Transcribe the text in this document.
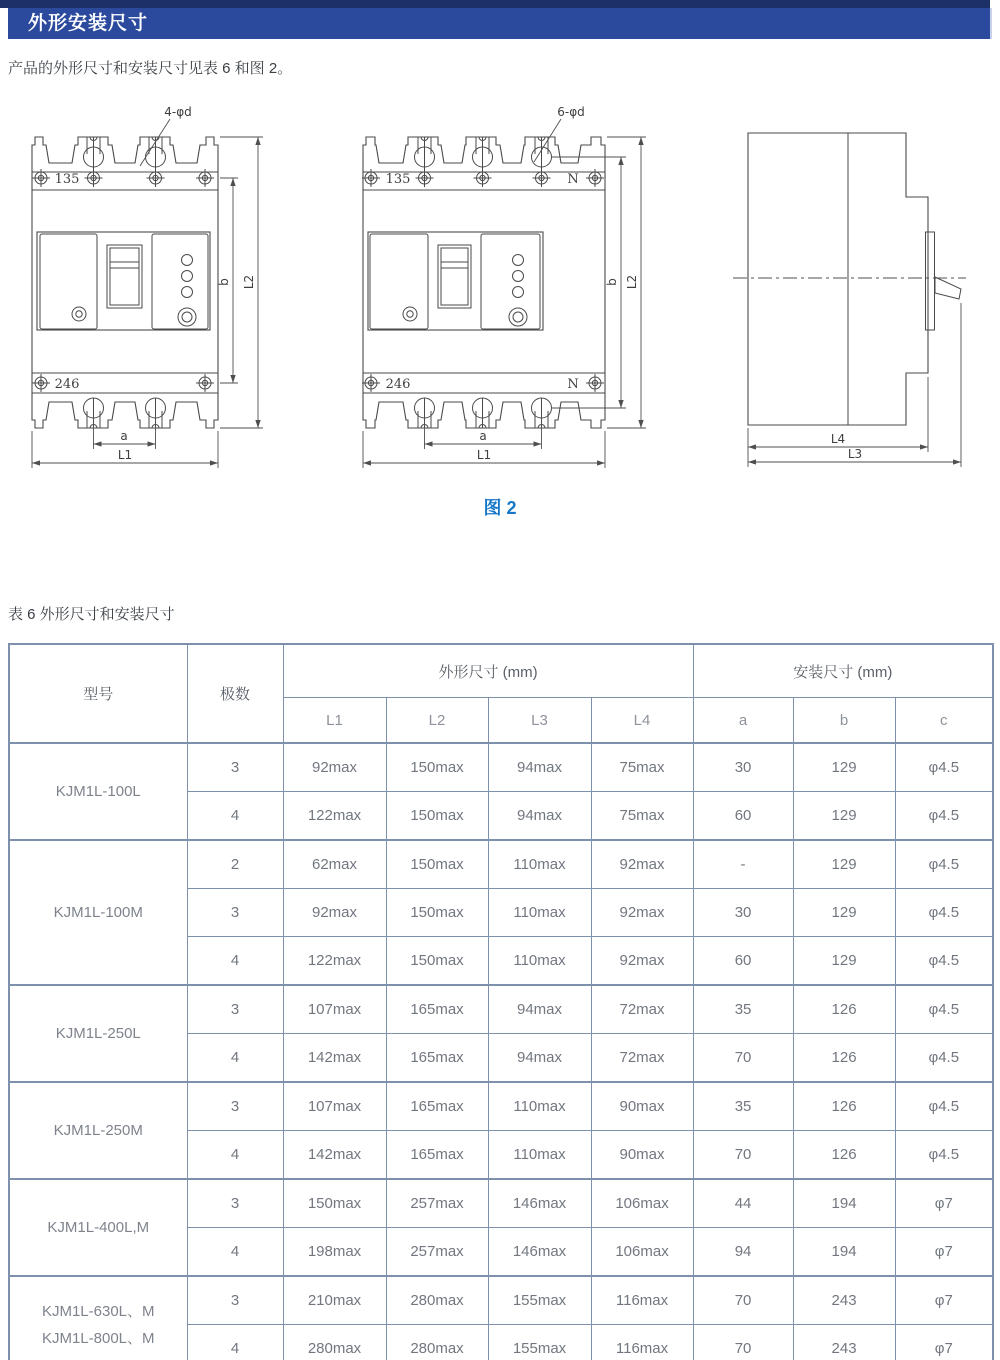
外形安装尺寸
产品的外形尺寸和安装尺寸见表 6 和图 2。
4-φd
135
246
a
L1
b L2
6-φd
135	N
246	N
a
L1
b L2
L4
L3
图 2
表 6 外形尺寸和安装尺寸
型号	极数	外形尺寸 (mm)				安装尺寸 (mm)		
		L1	L2	L3	L4	a	b	c
KJM1L-100L	3	92max	150max	94max	75max	30	129	φ4.5
	4	122max	150max	94max	75max	60	129	φ4.5
KJM1L-100M	2	62max	150max	110max	92max	-	129	φ4.5
	3	92max	150max	110max	92max	30	129	φ4.5
	4	122max	150max	110max	92max	60	129	φ4.5
KJM1L-250L	3	107max	165max	94max	72max	35	126	φ4.5
	4	142max	165max	94max	72max	70	126	φ4.5
KJM1L-250M	3	107max	165max	110max	90max	35	126	φ4.5
	4	142max	165max	110max	90max	70	126	φ4.5
KJM1L-400L,M	3	150max	257max	146max	106max	44	194	φ7
	4	198max	257max	146max	106max	94	194	φ7

KJM1L-630L、M
KJM1L-800L、M	3	210max	280max	155max	116max	70	243	φ7
	4	280max	280max	155max	116max	70	243	φ7
